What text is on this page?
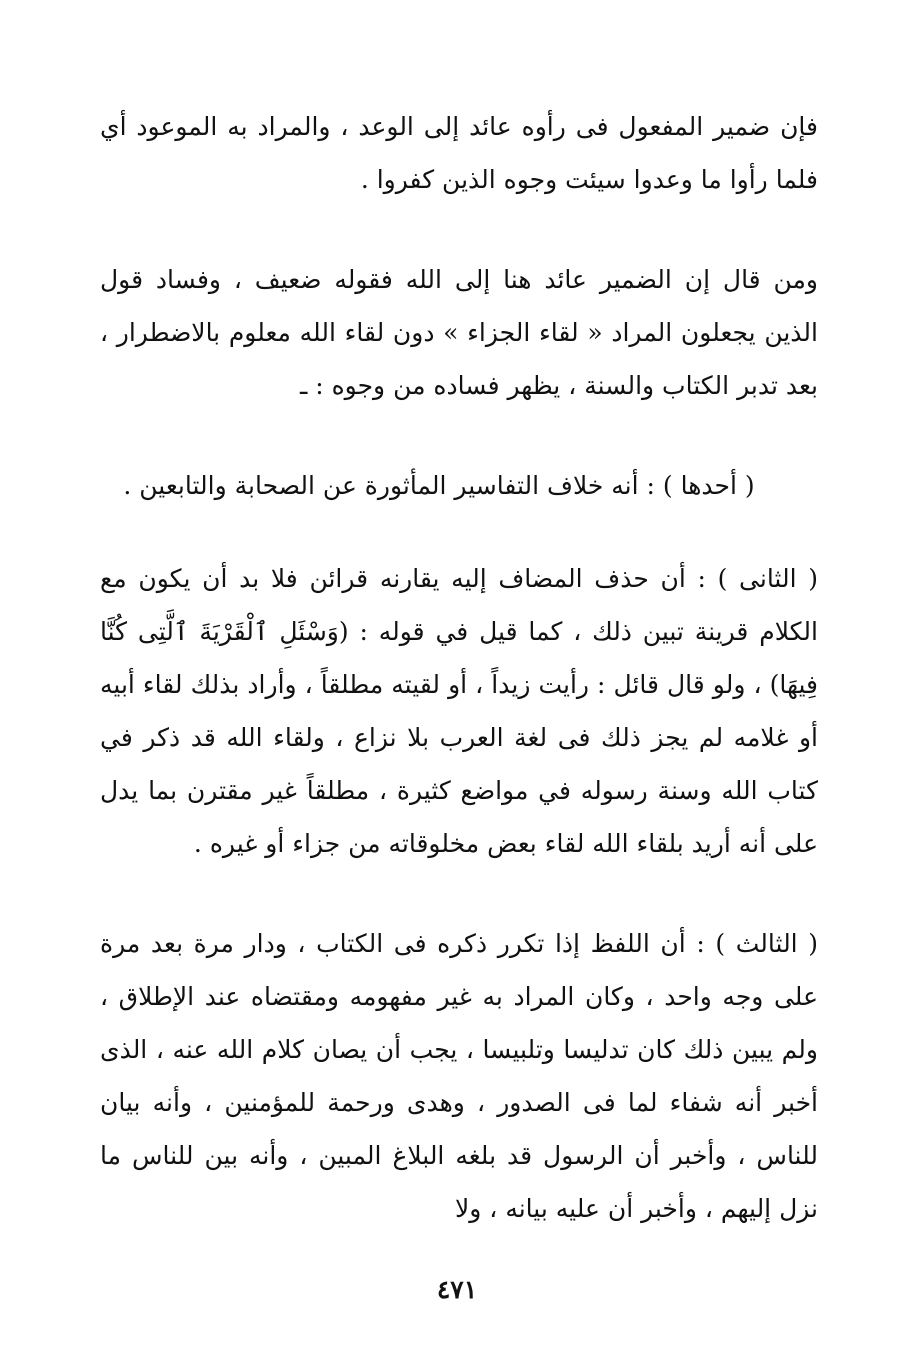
فإن ضمير المفعول فى رأوه عائد إلى الوعد ، والمراد به الموعود أي فلما رأوا ما وعدوا سيئت وجوه الذين كفروا .

ومن قال إن الضمير عائد هنا إلى الله فقوله ضعيف ، وفساد قول الذين يجعلون المراد « لقاء الجزاء » دون لقاء الله معلوم بالاضطرار ، بعد تدبر الكتاب والسنة ، يظهر فساده من وجوه : ـ

( أحدها ) : أنه خلاف التفاسير المأثورة عن الصحابة والتابعين .

( الثانى ) : أن حذف المضاف إليه يقارنه قرائن فلا بد أن يكون مع الكلام قرينة تبين ذلك ، كما قيل في قوله : (وَسْئَلِ ٱلْقَرْيَةَ ٱلَّتِى كُنَّا فِيهَا) ، ولو قال قائل : رأيت زيداً ، أو لقيته مطلقاً ، وأراد بذلك لقاء أبيه أو غلامه لم يجز ذلك فى لغة العرب بلا نزاع ، ولقاء الله قد ذكر في كتاب الله وسنة رسوله في مواضع كثيرة ، مطلقاً غير مقترن بما يدل على أنه أريد بلقاء الله لقاء بعض مخلوقاته من جزاء أو غيره .

( الثالث ) : أن اللفظ إذا تكرر ذكره فى الكتاب ، ودار مرة بعد مرة على وجه واحد ، وكان المراد به غير مفهومه ومقتضاه عند الإطلاق ، ولم يبين ذلك كان تدليسا وتلبيسا ، يجب أن يصان كلام الله عنه ، الذى أخبر أنه شفاء لما فى الصدور ، وهدى ورحمة للمؤمنين ، وأنه بيان للناس ، وأخبر أن الرسول قد بلغه البلاغ المبين ، وأنه بين للناس ما نزل إليهم ، وأخبر أن عليه بيانه ، ولا

٤٧١
